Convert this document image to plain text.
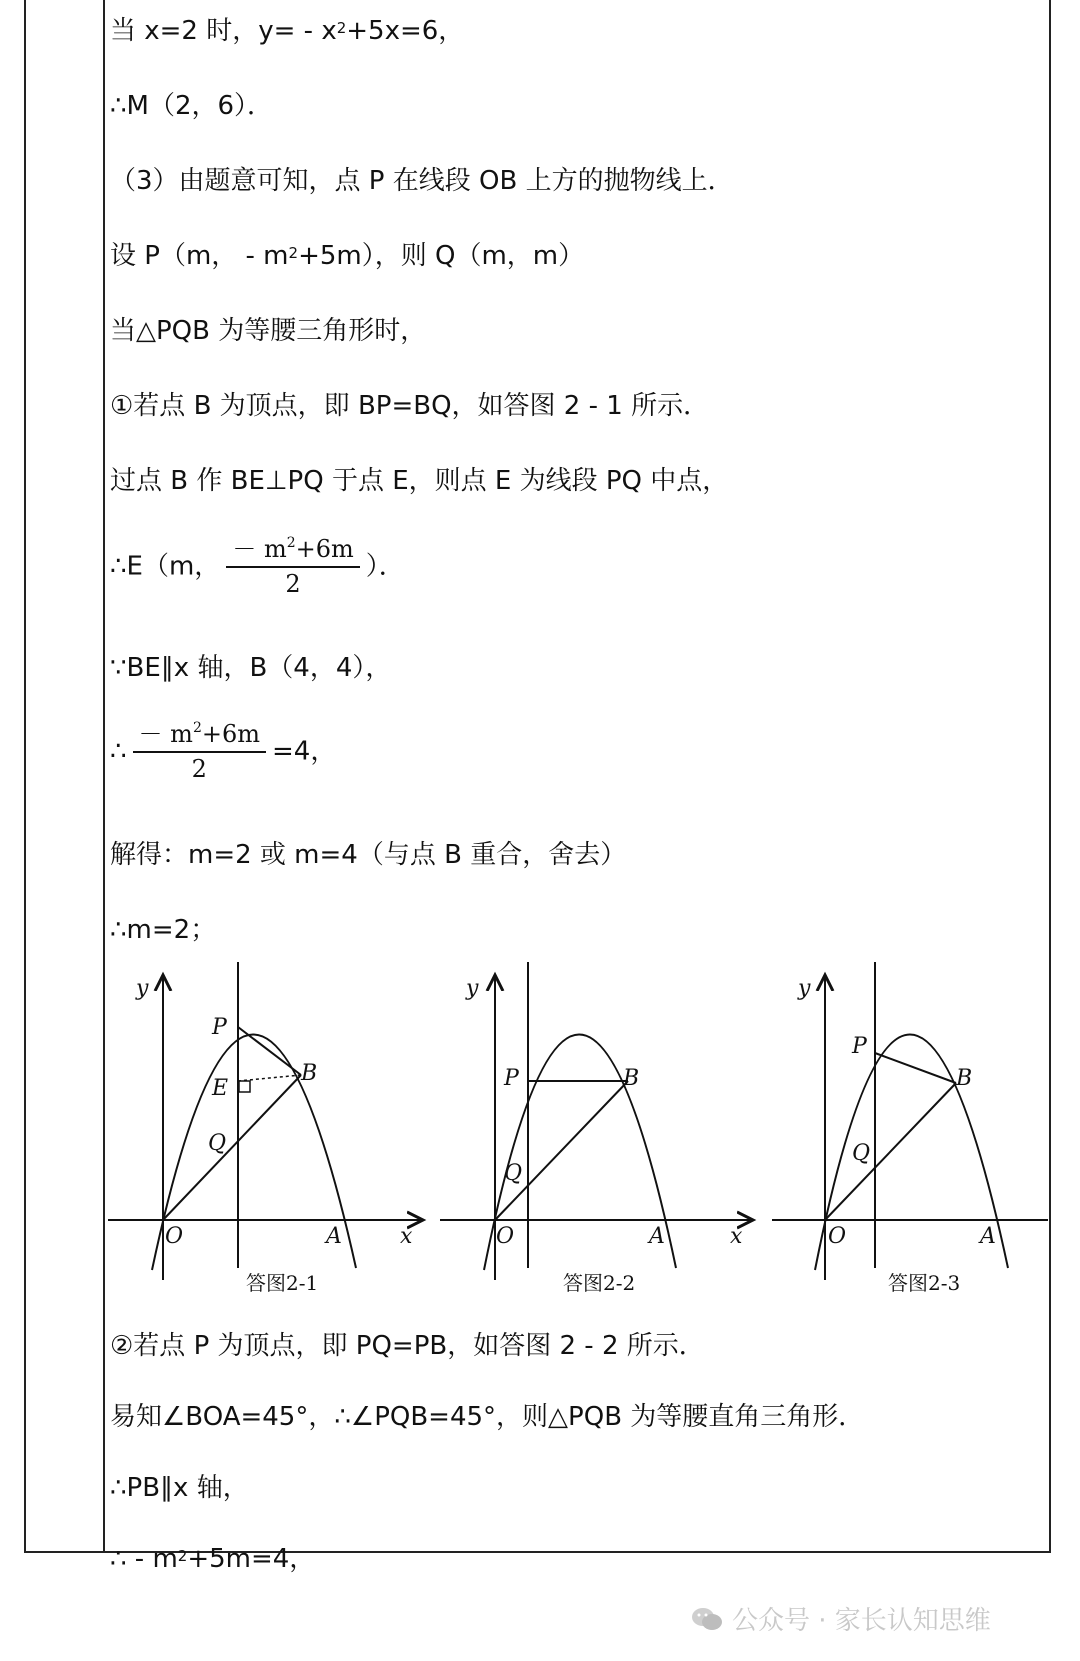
当 x=2 时，$y= - x^2+5x=6$，
∴M（2，6）．
（3）由题意可知，点 P 在线段 OB 上方的抛物线上．
设 P（m， - $m^2+5m$），则 Q（m，m）
当△PQB 为等腰三角形时，
①若点 B 为顶点，即 BP=BQ，如答图 2 - 1 所示．
过点 B 作 BE⊥PQ 于点 E，则点 E 为线段 PQ 中点，
∴E（m， $\frac{- m^2+6m}{2}$ ）．
∵BE∥x 轴，B（4，4），
∴ $\frac{- m^2+6m}{2} =4$，
解得：m=2 或 m=4（与点 B 重合，舍去）
∴m=2；
y
x
O	A
P
B
E
Q
答图2-1
y
x
O	A
P	B
Q
答图2-2
y
O	A
P
B
Q
答图2-3
②若点 P 为顶点，即 PQ=PB，如答图 2 - 2 所示．
易知∠BOA=45°，∴∠PQB=45°，则△PQB 为等腰直角三角形．
∴PB∥x 轴，
∴ - $m^2+5m=4$，
公众号 · 家长认知思维
